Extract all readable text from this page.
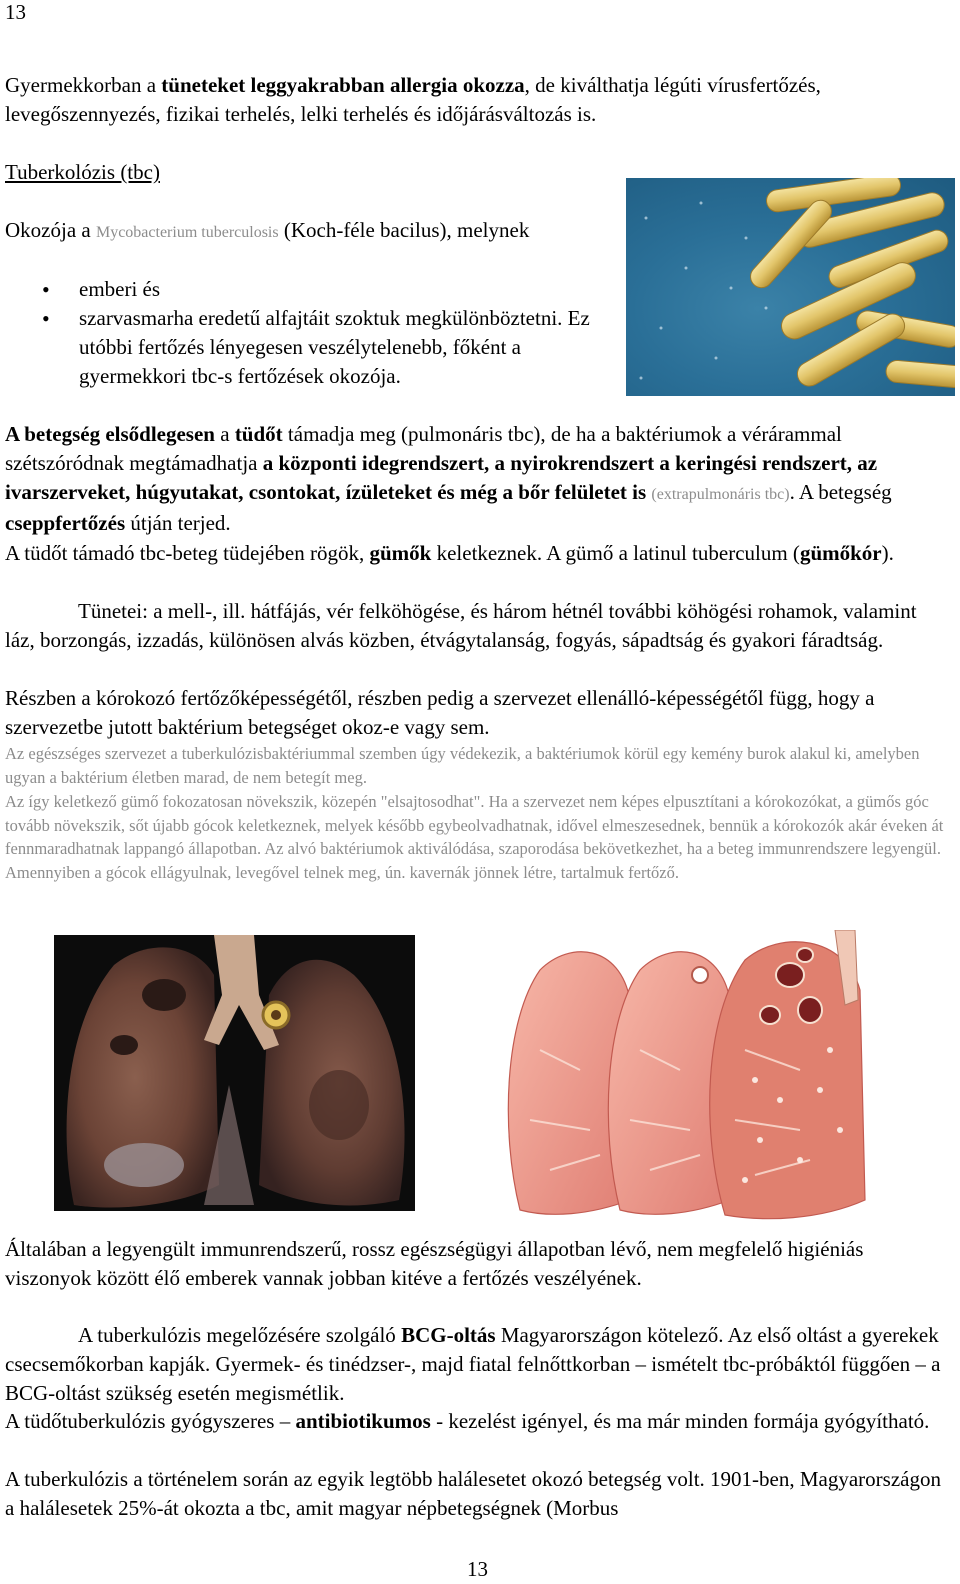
13
Gyermekkorban a tüneteket leggyakrabban allergia okozza, de kiválthatja légúti vírusfertőzés, levegőszennyezés, fizikai terhelés, lelki terhelés és időjárásváltozás is.
Tuberkolózis (tbc)
Okozója a Mycobacterium tuberculosis (Koch-féle bacilus), melynek
• emberi és
• szarvasmarha eredetű alfajtáit szoktuk megkülönböztetni. Ez utóbbi fertőzés lényegesen veszélytelenebb, főként a gyermekkori tbc-s fertőzések okozója.
A betegség elsődlegesen a tüdőt támadja meg (pulmonáris tbc), de ha a baktériumok a vérárammal szétszóródnak megtámadhatja a központi idegrendszert, a nyirokrendszert a keringési rendszert, az ivarszerveket, húgyutakat, csontokat, ízületeket és még a bőr felületet is (extrapulmonáris tbc). A betegség cseppfertőzés útján terjed.
A tüdőt támadó tbc-beteg tüdejében rögök, gümők keletkeznek. A gümő a latinul tuberculum (gümőkór).
Tünetei: a mell-, ill. hátfájás, vér felköhögése, és három hétnél további köhögési rohamok, valamint láz, borzongás, izzadás, különösen alvás közben, étvágytalanság, fogyás, sápadtság és gyakori fáradtság.
Részben a kórokozó fertőzőképességétől, részben pedig a szervezet ellenálló-képességétől függ, hogy a szervezetbe jutott baktérium betegséget okoz-e vagy sem.
Az egészséges szervezet a tuberkulózisbaktériummal szemben úgy védekezik, a baktériumok körül egy kemény burok alakul ki, amelyben ugyan a baktérium életben marad, de nem betegít meg.
Az így keletkező gümő fokozatosan növekszik, közepén "elsajtosodhat". Ha a szervezet nem képes elpusztítani a kórokozókat, a gümős góc tovább növekszik, sőt újabb gócok keletkeznek, melyek később egybeolvadhatnak, idővel elmeszesednek, bennük a kórokozók akár éveken át fennmaradhatnak lappangó állapotban. Az alvó baktériumok aktiválódása, szaporodása bekövetkezhet, ha a beteg immunrendszere legyengül. Amennyiben a gócok ellágyulnak, levegővel telnek meg, ún. kavernák jönnek létre, tartalmuk fertőző.
Általában a legyengült immunrendszerű, rossz egészségügyi állapotban lévő, nem megfelelő higiéniás viszonyok között élő emberek vannak jobban kitéve a fertőzés veszélyének.
A tuberkulózis megelőzésére szolgáló BCG-oltás Magyarországon kötelező. Az első oltást a gyerekek csecsemőkorban kapják. Gyermek- és tinédzser-, majd fiatal felnőttkorban – ismételt tbc-próbáktól függően – a BCG-oltást szükség esetén megismétlik.
A tüdőtuberkulózis gyógyszeres – antibiotikumos - kezelést igényel, és ma már minden formája gyógyítható.
A tuberkulózis a történelem során az egyik legtöbb halálesetet okozó betegség volt. 1901-ben, Magyarországon a halálesetek 25%-át okozta a tbc, amit magyar népbetegségnek (Morbus
13
